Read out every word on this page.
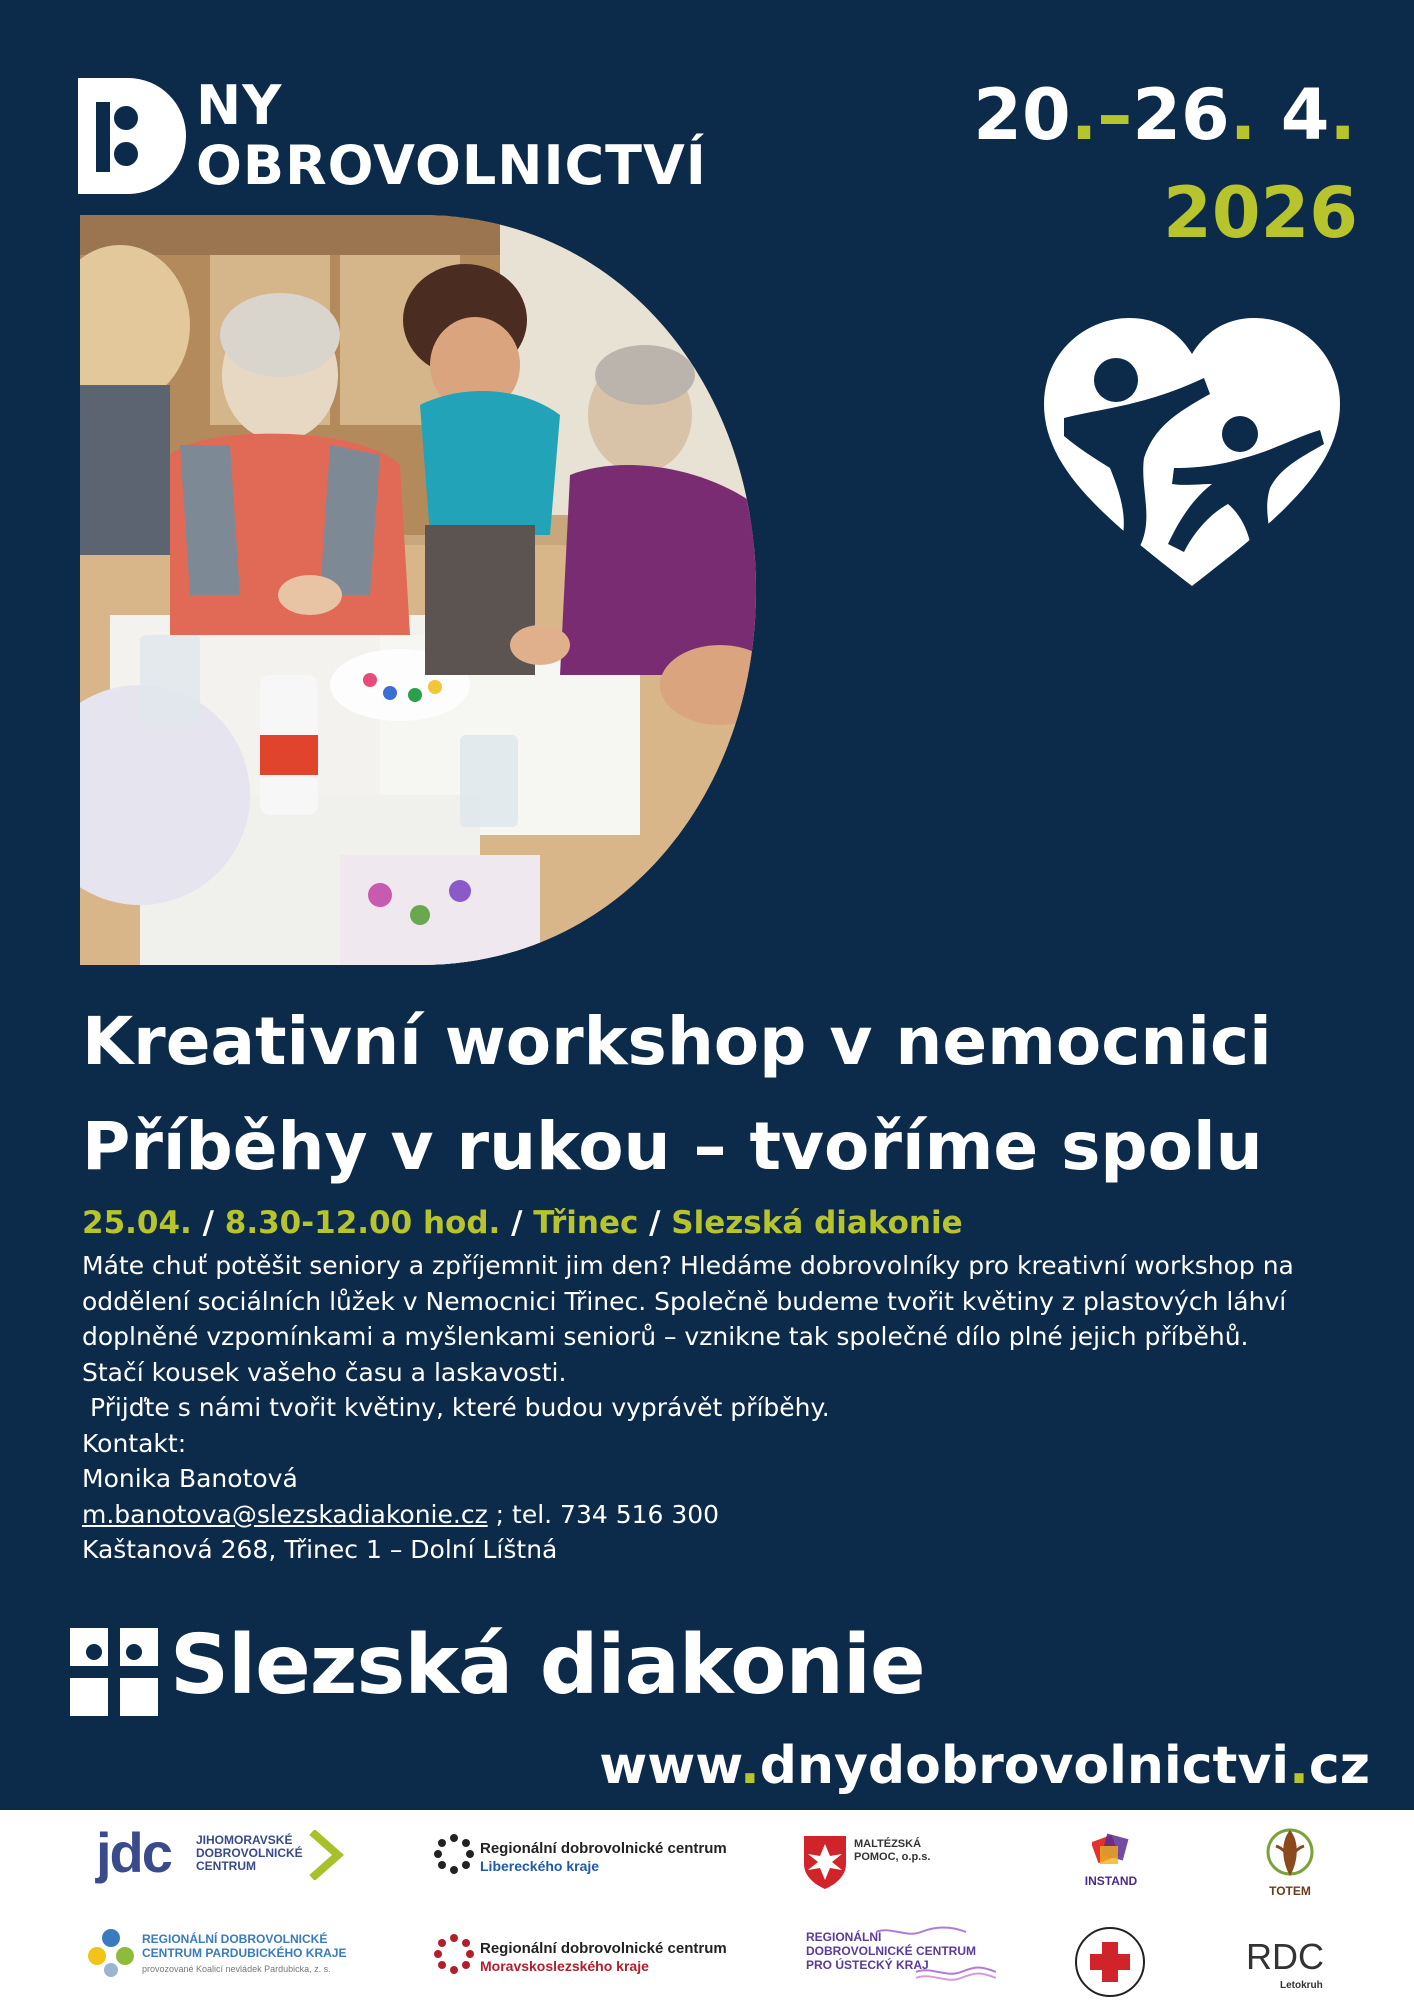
NY
OBROVOLNICTVÍ
20.–26. 4.
2026
Kreativní workshop v nemocnici
Příběhy v rukou – tvoříme spolu
25.04. / 8.30-12.00 hod. / Třinec / Slezská diakonie
Máte chuť potěšit seniory a zpříjemnit jim den? Hledáme dobrovolníky pro kreativní workshop na
oddělení sociálních lůžek v Nemocnici Třinec. Společně budeme tvořit květiny z plastových láhví
doplněné vzpomínkami a myšlenkami seniorů – vznikne tak společné dílo plné jejich příběhů.
Stačí kousek vašeho času a laskavosti.
Přijďte s námi tvořit květiny, které budou vyprávět příběhy.
Kontakt:
Monika Banotová
m.banotova@slezskadiakonie.cz ; tel. 734 516 300
Kaštanová 268, Třinec 1 – Dolní Líštná
Slezská diakonie
www.dnydobrovolnictvi.cz
jdc JIHOMORAVSKÉ
DOBROVOLNICKÉ
CENTRUM
Regionální dobrovolnické centrum
Libereckého kraje
MALTÉZSKÁ
POMOC, o.p.s.
INSTAND
TOTEM
REGIONÁLNÍ DOBROVOLNICKÉ
CENTRUM PARDUBICKÉHO KRAJE
provozované Koalicí nevládek Pardubicka, z. s.
Regionální dobrovolnické centrum
Moravskoslezského kraje
REGIONÁLNÍ
DOBROVOLNICKÉ CENTRUM
PRO ÚSTECKÝ KRAJ	RDC
Letokruh
